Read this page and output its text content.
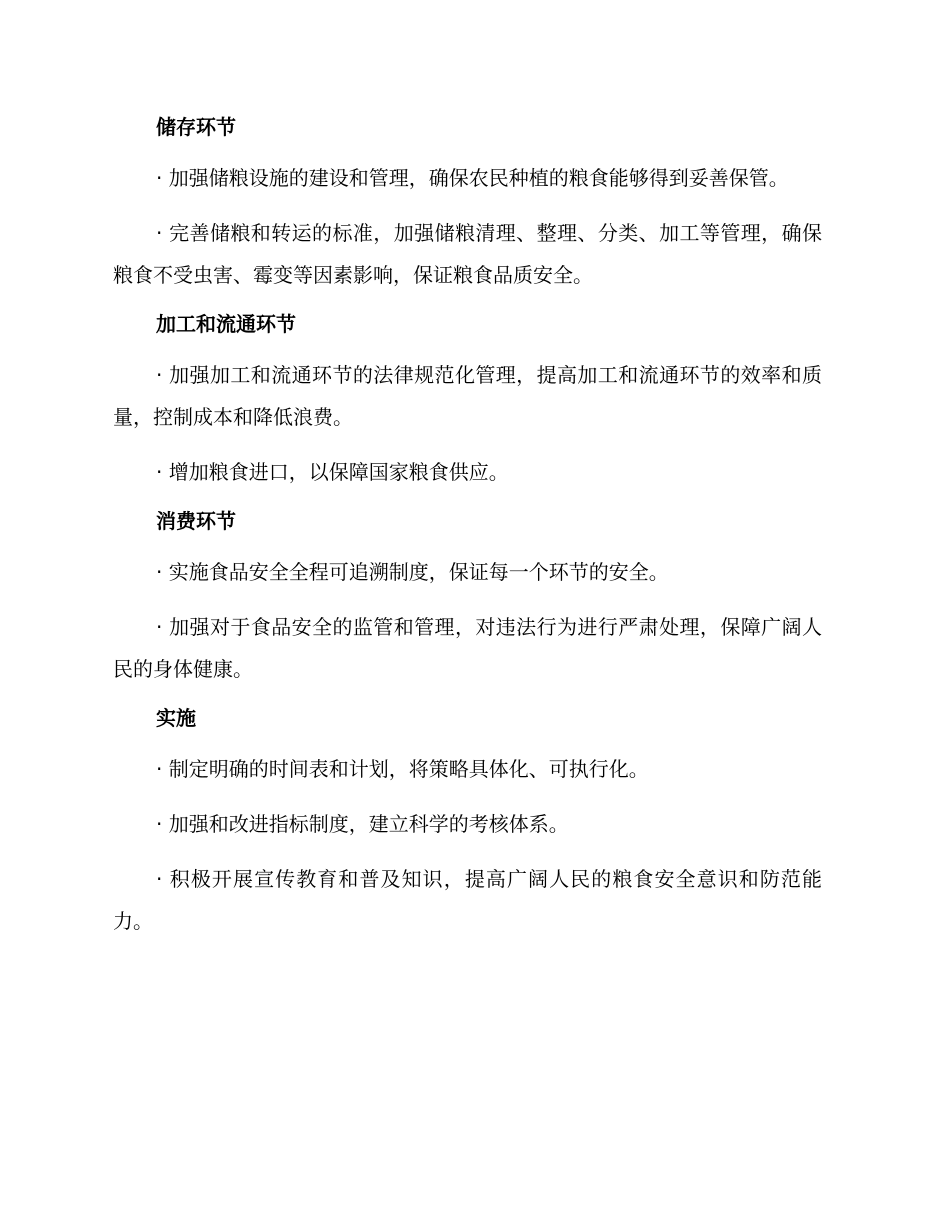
储存环节

· 加强储粮设施的建设和管理，确保农民种植的粮食能够得到妥善保管。

· 完善储粮和转运的标准，加强储粮清理、整理、分类、加工等管理，确保粮食不受虫害、霉变等因素影响，保证粮食品质安全。

加工和流通环节

· 加强加工和流通环节的法律规范化管理，提高加工和流通环节的效率和质量，控制成本和降低浪费。

· 增加粮食进口，以保障国家粮食供应。

消费环节

· 实施食品安全全程可追溯制度，保证每一个环节的安全。

· 加强对于食品安全的监管和管理，对违法行为进行严肃处理，保障广阔人民的身体健康。

实施

· 制定明确的时间表和计划，将策略具体化、可执行化。

· 加强和改进指标制度，建立科学的考核体系。

· 积极开展宣传教育和普及知识，提高广阔人民的粮食安全意识和防范能力。
